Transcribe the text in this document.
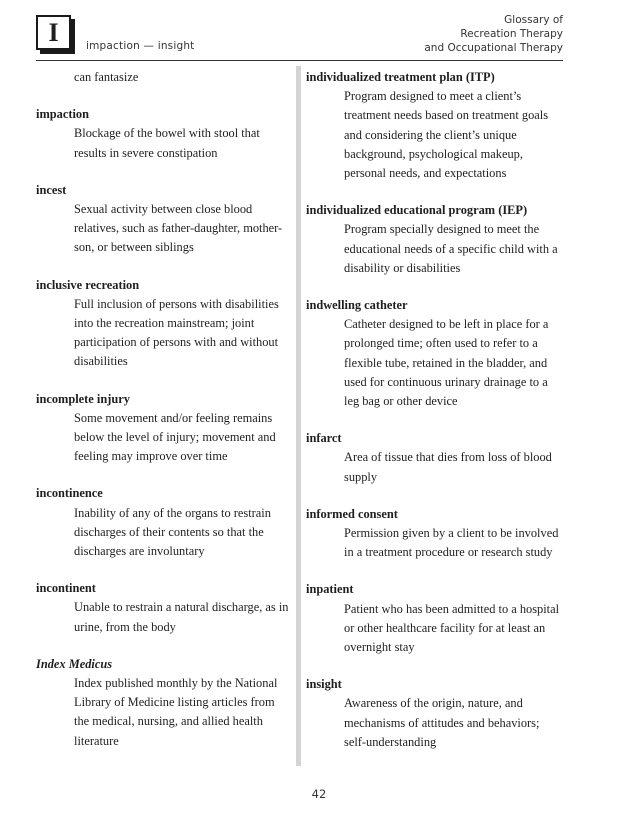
I	impaction — insight
Glossary of
Recreation Therapy
and Occupational Therapy
can fantasize
impaction
Blockage of the bowel with stool that results in severe constipation
incest
Sexual activity between close blood relatives, such as father-daughter, mother-son, or between siblings
inclusive recreation
Full inclusion of persons with disabilities into the recreation mainstream; joint participation of persons with and without disabilities
incomplete injury
Some movement and/or feeling remains below the level of injury; movement and feeling may improve over time
incontinence
Inability of any of the organs to restrain discharges of their contents so that the discharges are involuntary
incontinent
Unable to restrain a natural discharge, as in urine, from the body
Index Medicus
Index published monthly by the National Library of Medicine listing articles from the medical, nursing, and allied health literature
individualized treatment plan (ITP)
Program designed to meet a client’s treatment needs based on treatment goals and considering the client’s unique background, psychological makeup, personal needs, and expectations
individualized educational program (IEP)
Program specially designed to meet the educational needs of a specific child with a disability or disabilities
indwelling catheter
Catheter designed to be left in place for a prolonged time; often used to refer to a flexible tube, retained in the bladder, and used for continuous urinary drainage to a leg bag or other device
infarct
Area of tissue that dies from loss of blood supply
informed consent
Permission given by a client to be involved in a treatment procedure or research study
inpatient
Patient who has been admitted to a hospital or other healthcare facility for at least an overnight stay
insight
Awareness of the origin, nature, and mechanisms of attitudes and behaviors; self-understanding
42
